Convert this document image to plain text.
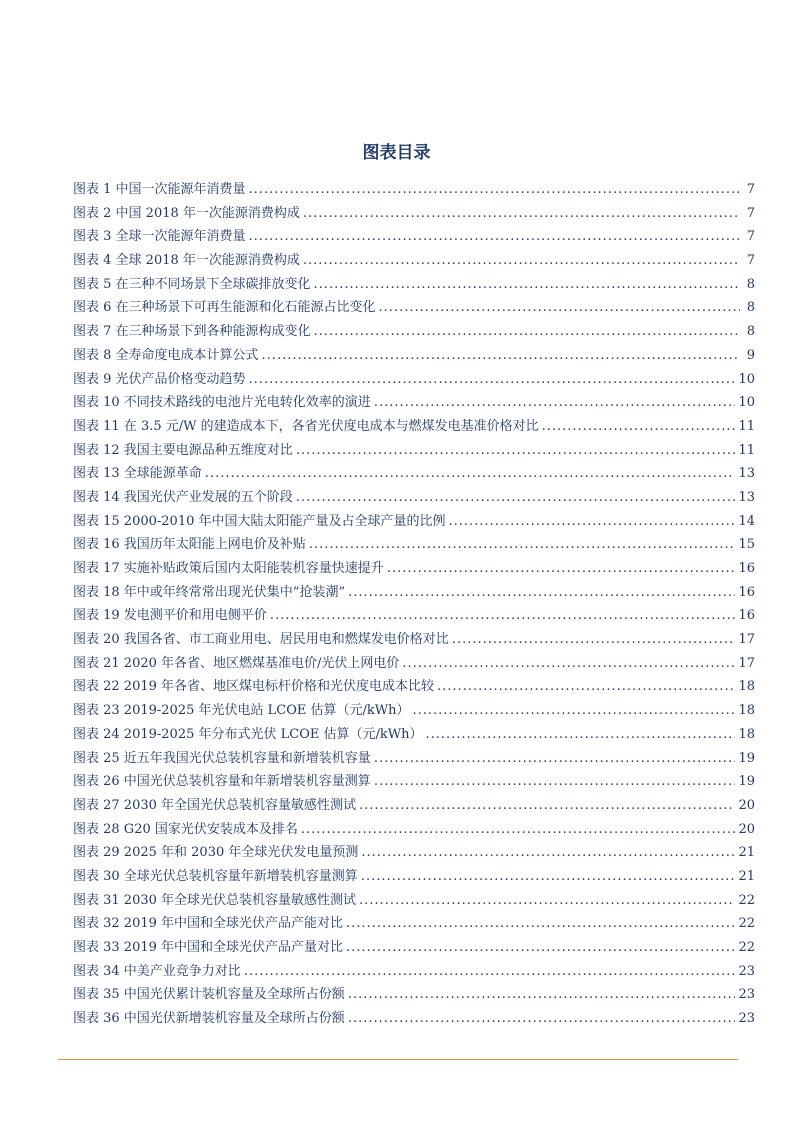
图表目录
图表 1 中国一次能源年消费量 .....	7
图表 2 中国 2018 年一次能源消费构成 .....	7
图表 3 全球一次能源年消费量 .....	7
图表 4 全球 2018 年一次能源消费构成 .....	7
图表 5 在三种不同场景下全球碳排放变化 .....	8
图表 6 在三种场景下可再生能源和化石能源占比变化 .....	8
图表 7 在三种场景下到各种能源构成变化 .....	8
图表 8 全寿命度电成本计算公式 .....	9
图表 9 光伏产品价格变动趋势 .....	10
图表 10 不同技术路线的电池片光电转化效率的演进 .....	10
图表 11 在 3.5 元/W 的建造成本下，各省光伏度电成本与燃煤发电基准价格对比 .....	11
图表 12 我国主要电源品种五维度对比 .....	11
图表 13 全球能源革命 .....	13
图表 14 我国光伏产业发展的五个阶段 .....	13
图表 15 2000-2010 年中国大陆太阳能产量及占全球产量的比例 .....	14
图表 16 我国历年太阳能上网电价及补贴 .....	15
图表 17 实施补贴政策后国内太阳能装机容量快速提升 .....	16
图表 18 年中或年终常常出现光伏集中“抢装潮” .....	16
图表 19 发电测平价和用电侧平价 .....	16
图表 20 我国各省、市工商业用电、居民用电和燃煤发电价格对比 .....	17
图表 21 2020 年各省、地区燃煤基准电价/光伏上网电价 .....	17
图表 22 2019 年各省、地区煤电标杆价格和光伏度电成本比较 .....	18
图表 23 2019-2025 年光伏电站 LCOE 估算（元/kWh） .....	18
图表 24 2019-2025 年分布式光伏 LCOE 估算（元/kWh） .....	18
图表 25 近五年我国光伏总装机容量和新增装机容量 .....	19
图表 26 中国光伏总装机容量和年新增装机容量测算 .....	19
图表 27 2030 年全国光伏总装机容量敏感性测试 .....	20
图表 28 G20 国家光伏安装成本及排名 .....	20
图表 29 2025 年和 2030 年全球光伏发电量预测 .....	21
图表 30 全球光伏总装机容量年新增装机容量测算 .....	21
图表 31 2030 年全球光伏总装机容量敏感性测试 .....	22
图表 32 2019 年中国和全球光伏产品产能对比 .....	22
图表 33 2019 年中国和全球光伏产品产量对比 .....	22
图表 34 中美产业竞争力对比 .....	23
图表 35 中国光伏累计装机容量及全球所占份额 .....	23
图表 36 中国光伏新增装机容量及全球所占份额 .....	23
